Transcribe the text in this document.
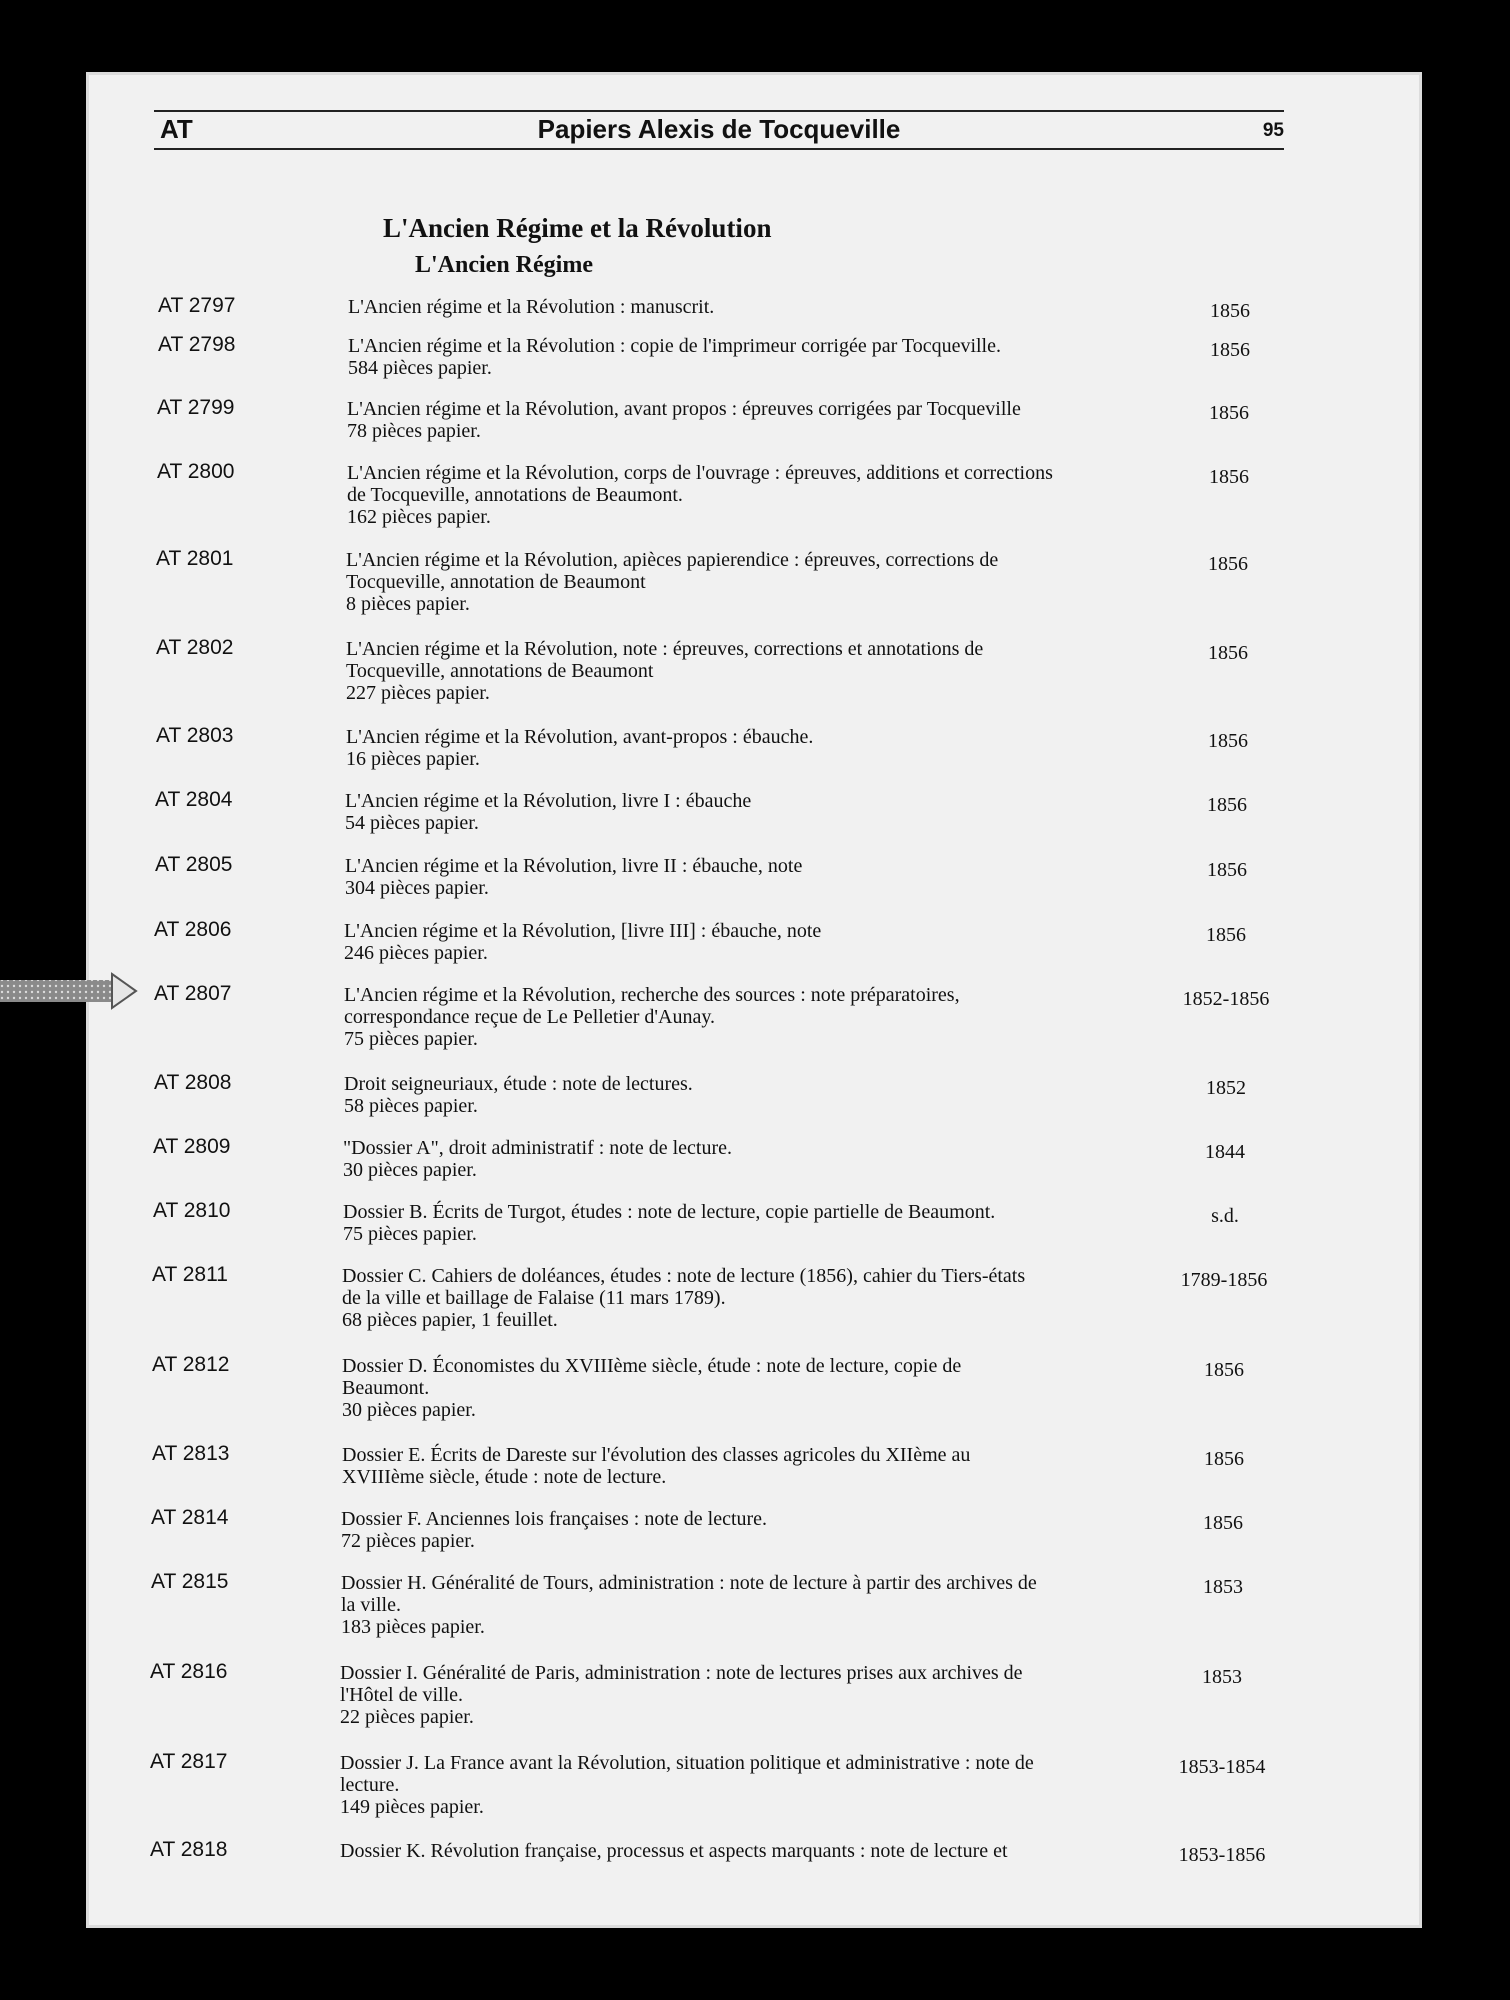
AT	Papiers Alexis de Tocqueville	95
L'Ancien Régime et la Révolution
L'Ancien Régime
AT 2797	L'Ancien régime et la Révolution : manuscrit.	1856
AT 2798	L'Ancien régime et la Révolution : copie de l'imprimeur corrigée par Tocqueville.
584 pièces papier.
1856
AT 2799	L'Ancien régime et la Révolution, avant propos : épreuves corrigées par Tocqueville
78 pièces papier.
1856
AT 2800	L'Ancien régime et la Révolution, corps de l'ouvrage : épreuves, additions et corrections
de Tocqueville, annotations de Beaumont.
162 pièces papier.
1856
AT 2801	L'Ancien régime et la Révolution, apièces papierendice : épreuves, corrections de
Tocqueville, annotation de Beaumont
8 pièces papier.
1856
AT 2802	L'Ancien régime et la Révolution, note : épreuves, corrections et annotations de
Tocqueville, annotations de Beaumont
227 pièces papier.
1856
AT 2803	L'Ancien régime et la Révolution, avant-propos : ébauche.
16 pièces papier.
1856
AT 2804	L'Ancien régime et la Révolution, livre I : ébauche
54 pièces papier.
1856
AT 2805	L'Ancien régime et la Révolution, livre II : ébauche, note
304 pièces papier.
1856
AT 2806	L'Ancien régime et la Révolution, [livre III] : ébauche, note
246 pièces papier.
1856
AT 2807	L'Ancien régime et la Révolution, recherche des sources : note préparatoires,
correspondance reçue de Le Pelletier d'Aunay.
75 pièces papier.
1852-1856
AT 2808	Droit seigneuriaux, étude : note de lectures.
58 pièces papier.
1852
AT 2809	"Dossier A", droit administratif : note de lecture.
30 pièces papier.
1844
AT 2810	Dossier B. Écrits de Turgot, études : note de lecture, copie partielle de Beaumont.
75 pièces papier.
s.d.
AT 2811	Dossier C. Cahiers de doléances, études : note de lecture (1856), cahier du Tiers-états
de la ville et baillage de Falaise (11 mars 1789).
68 pièces papier, 1 feuillet.
1789-1856
AT 2812	Dossier D. Économistes du XVIIIème siècle, étude : note de lecture, copie de
Beaumont.
30 pièces papier.
1856
AT 2813	Dossier E. Écrits de Dareste sur l'évolution des classes agricoles du XIIème au
XVIIIème siècle, étude : note de lecture.
1856
AT 2814	Dossier F. Anciennes lois françaises : note de lecture.
72 pièces papier.
1856
AT 2815	Dossier H. Généralité de Tours, administration : note de lecture à partir des archives de
la ville.
183 pièces papier.
1853
AT 2816	Dossier I. Généralité de Paris, administration : note de lectures prises aux archives de
l'Hôtel de ville.
22 pièces papier.
1853
AT 2817	Dossier J. La France avant la Révolution, situation politique et administrative : note de
lecture.
149 pièces papier.
1853-1854
AT 2818	Dossier K. Révolution française, processus et aspects marquants : note de lecture et	1853-1856
